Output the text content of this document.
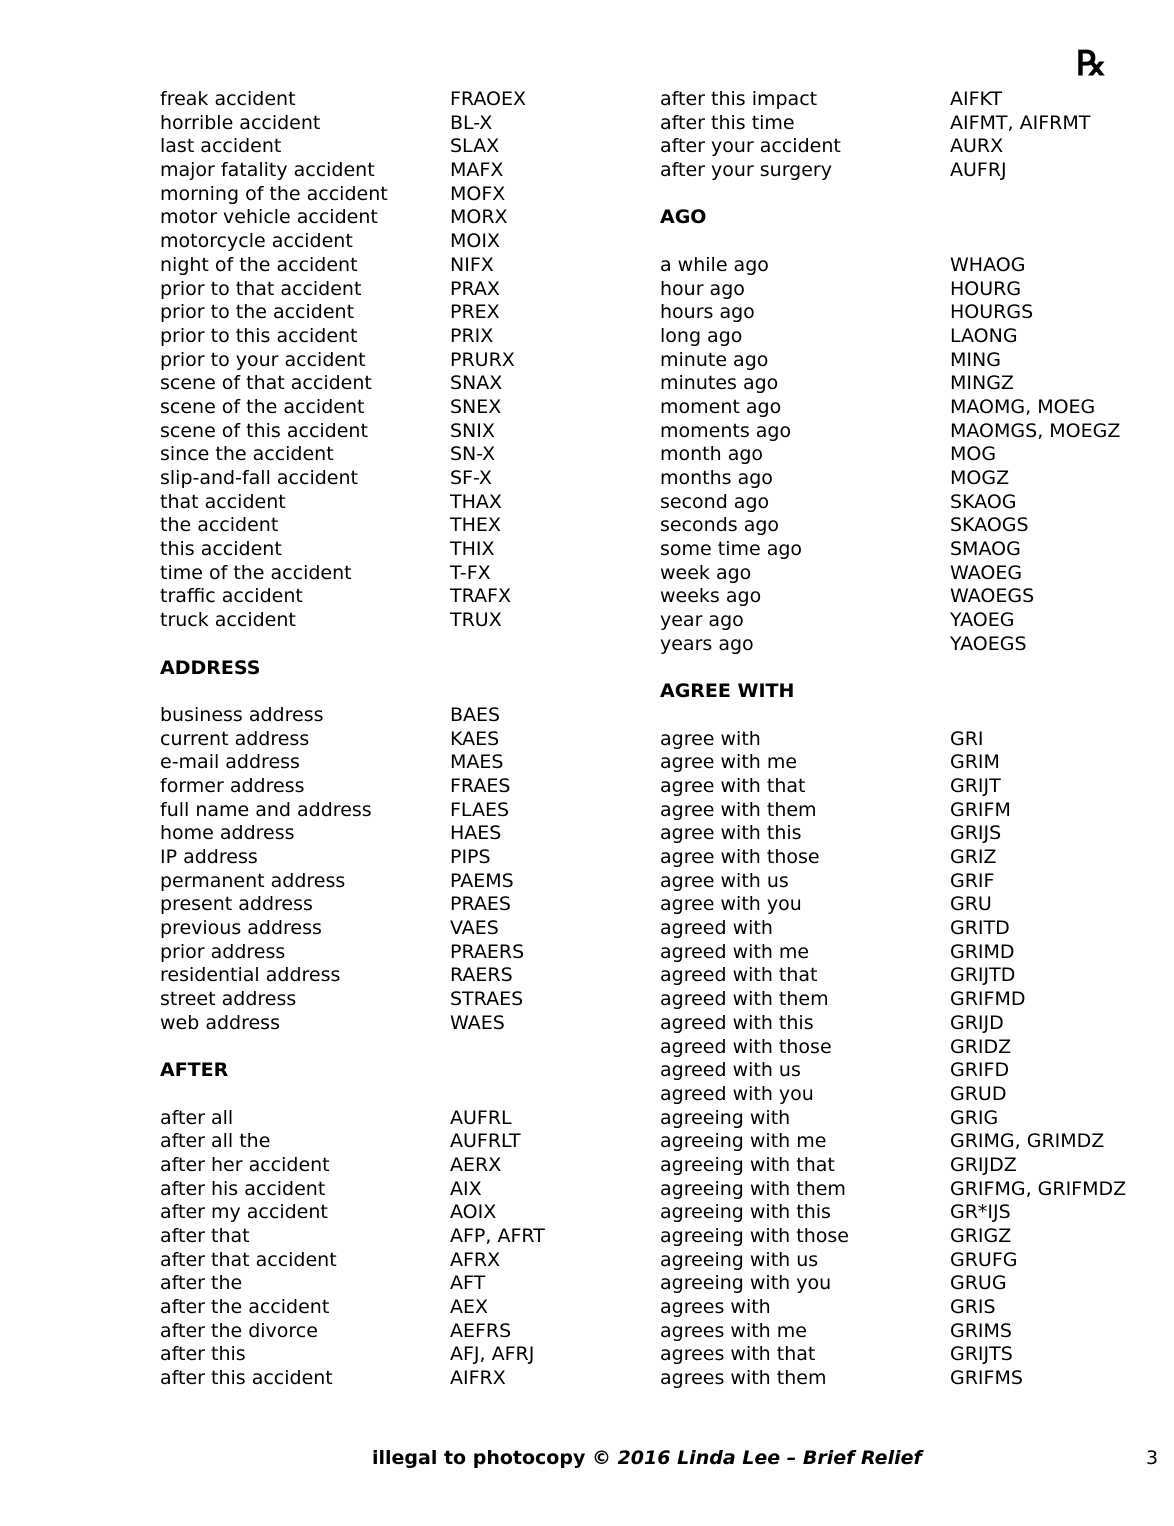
℞
freak accident	FRAOEX
horrible accident	BL-X
last accident	SLAX
major fatality accident	MAFX
morning of the accident	MOFX
motor vehicle accident	MORX
motorcycle accident	MOIX
night of the accident	NIFX
prior to that accident	PRAX
prior to the accident	PREX
prior to this accident	PRIX
prior to your accident	PRURX
scene of that accident	SNAX
scene of the accident	SNEX
scene of this accident	SNIX
since the accident	SN-X
slip-and-fall accident	SF-X
that accident	THAX
the accident	THEX
this accident	THIX
time of the accident	T-FX
traffic accident	TRAFX
truck accident	TRUX
ADDRESS
business address	BAES
current address	KAES
e-mail address	MAES
former address	FRAES
full name and address	FLAES
home address	HAES
IP address	PIPS
permanent address	PAEMS
present address	PRAES
previous address	VAES
prior address	PRAERS
residential address	RAERS
street address	STRAES
web address	WAES
AFTER
after all	AUFRL
after all the	AUFRLT
after her accident	AERX
after his accident	AIX
after my accident	AOIX
after that	AFP, AFRT
after that accident	AFRX
after the	AFT
after the accident	AEX
after the divorce	AEFRS
after this	AFJ, AFRJ
after this accident	AIFRX
after this impact	AIFKT
after this time	AIFMT, AIFRMT
after your accident	AURX
after your surgery	AUFRJ
AGO
a while ago	WHAOG
hour ago	HOURG
hours ago	HOURGS
long ago	LAONG
minute ago	MING
minutes ago	MINGZ
moment ago	MAOMG, MOEG
moments ago	MAOMGS, MOEGZ
month ago	MOG
months ago	MOGZ
second ago	SKAOG
seconds ago	SKAOGS
some time ago	SMAOG
week ago	WAOEG
weeks ago	WAOEGS
year ago	YAOEG
years ago	YAOEGS
AGREE WITH
agree with	GRI
agree with me	GRIM
agree with that	GRIJT
agree with them	GRIFM
agree with this	GRIJS
agree with those	GRIZ
agree with us	GRIF
agree with you	GRU
agreed with	GRITD
agreed with me	GRIMD
agreed with that	GRIJTD
agreed with them	GRIFMD
agreed with this	GRIJD
agreed with those	GRIDZ
agreed with us	GRIFD
agreed with you	GRUD
agreeing with	GRIG
agreeing with me	GRIMG, GRIMDZ
agreeing with that	GRIJDZ
agreeing with them	GRIFMG, GRIFMDZ
agreeing with this	GR*IJS
agreeing with those	GRIGZ
agreeing with us	GRUFG
agreeing with you	GRUG
agrees with	GRIS
agrees with me	GRIMS
agrees with that	GRIJTS
agrees with them	GRIFMS
illegal to photocopy © 2016 Linda Lee – Brief Relief	3
